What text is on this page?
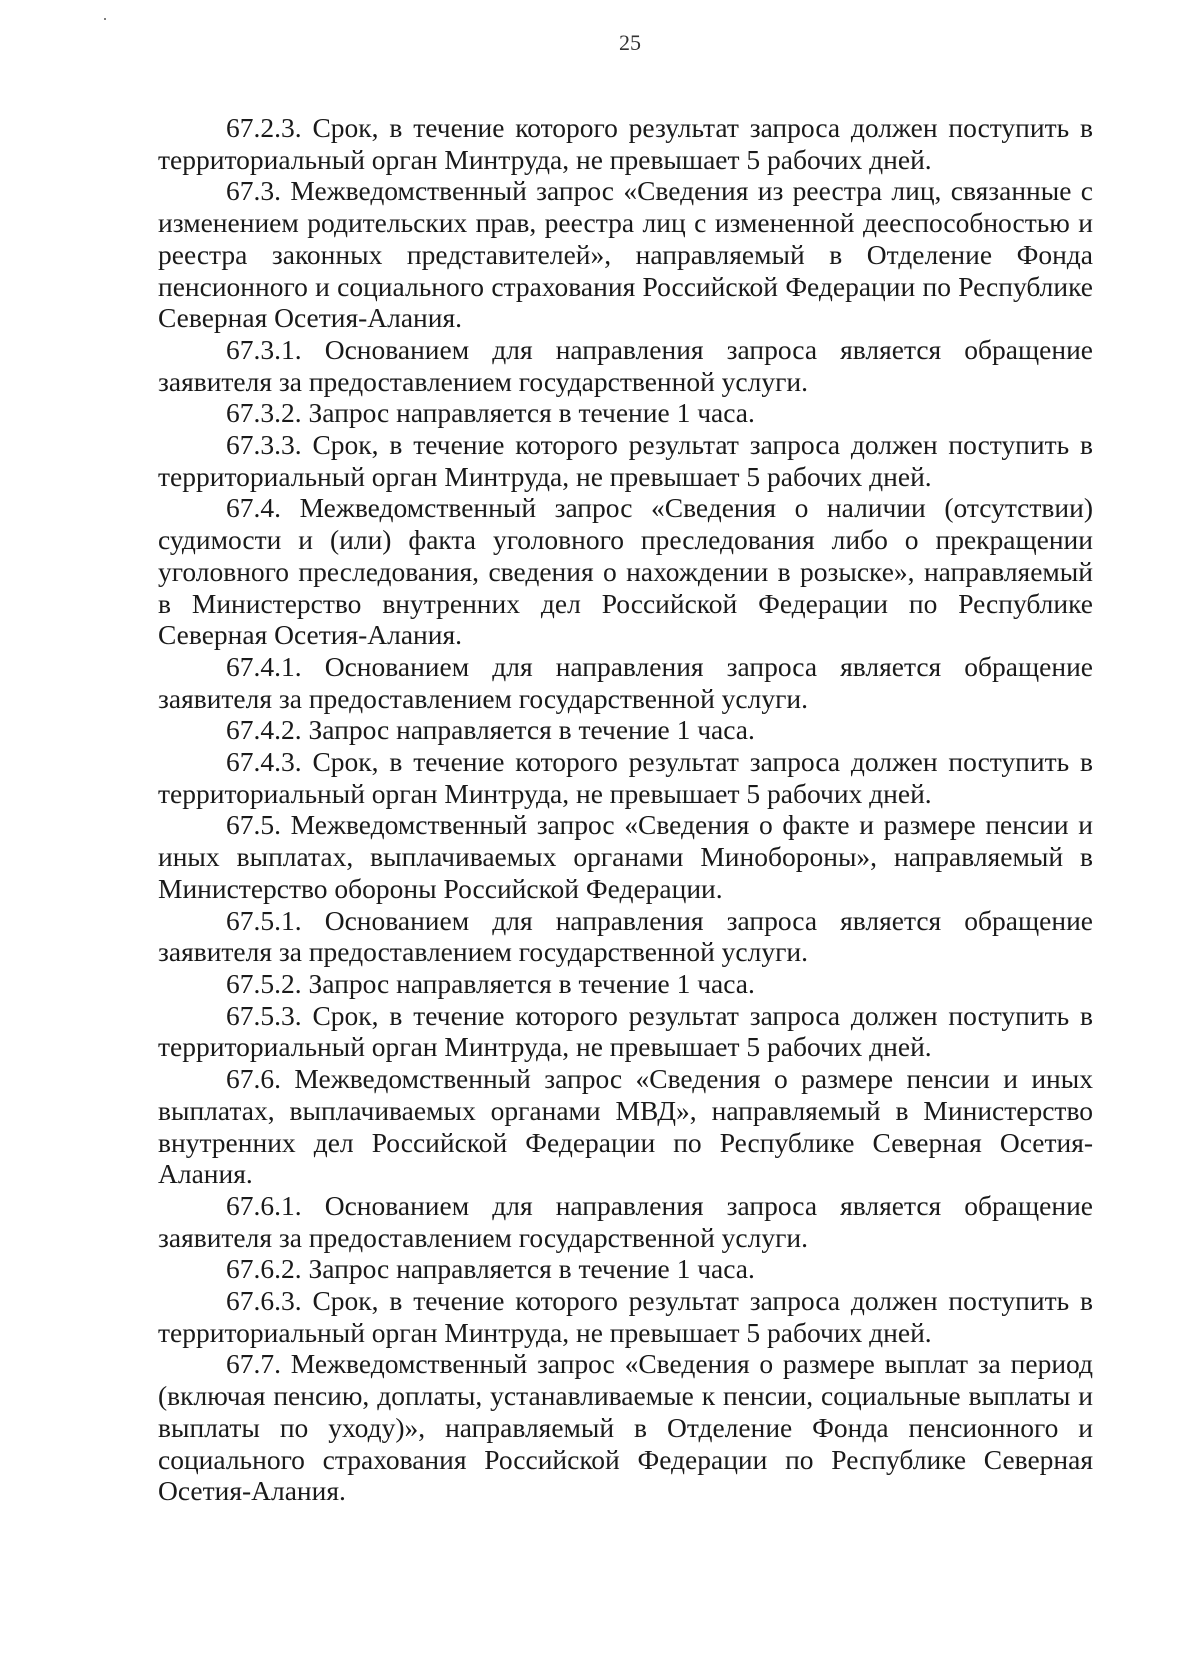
25

67.2.3. Срок, в течение которого результат запроса должен поступить в территориальный орган Минтруда, не превышает 5 рабочих дней.

67.3. Межведомственный запрос «Сведения из реестра лиц, связанные с изменением родительских прав, реестра лиц с измененной дееспособностью и реестра законных представителей», направляемый в Отделение Фонда пенсионного и социального страхования Российской Федерации по Республике Северная Осетия-Алания.

67.3.1. Основанием для направления запроса является обращение заявителя за предоставлением государственной услуги.

67.3.2. Запрос направляется в течение 1 часа.

67.3.3. Срок, в течение которого результат запроса должен поступить в территориальный орган Минтруда, не превышает 5 рабочих дней.

67.4. Межведомственный запрос «Сведения о наличии (отсутствии) судимости и (или) факта уголовного преследования либо о прекращении уголовного преследования, сведения о нахождении в розыске», направляемый в Министерство внутренних дел Российской Федерации по Республике Северная Осетия-Алания.

67.4.1. Основанием для направления запроса является обращение заявителя за предоставлением государственной услуги.

67.4.2. Запрос направляется в течение 1 часа.

67.4.3. Срок, в течение которого результат запроса должен поступить в территориальный орган Минтруда, не превышает 5 рабочих дней.

67.5. Межведомственный запрос «Сведения о факте и размере пенсии и иных выплатах, выплачиваемых органами Минобороны», направляемый в Министерство обороны Российской Федерации.

67.5.1. Основанием для направления запроса является обращение заявителя за предоставлением государственной услуги.

67.5.2. Запрос направляется в течение 1 часа.

67.5.3. Срок, в течение которого результат запроса должен поступить в территориальный орган Минтруда, не превышает 5 рабочих дней.

67.6. Межведомственный запрос «Сведения о размере пенсии и иных выплатах, выплачиваемых органами МВД», направляемый в Министерство внутренних дел Российской Федерации по Республике Северная Осетия-Алания.

67.6.1. Основанием для направления запроса является обращение заявителя за предоставлением государственной услуги.

67.6.2. Запрос направляется в течение 1 часа.

67.6.3. Срок, в течение которого результат запроса должен поступить в территориальный орган Минтруда, не превышает 5 рабочих дней.

67.7. Межведомственный запрос «Сведения о размере выплат за период (включая пенсию, доплаты, устанавливаемые к пенсии, социальные выплаты и выплаты по уходу)», направляемый в Отделение Фонда пенсионного и социального страхования Российской Федерации по Республике Северная Осетия-Алания.
